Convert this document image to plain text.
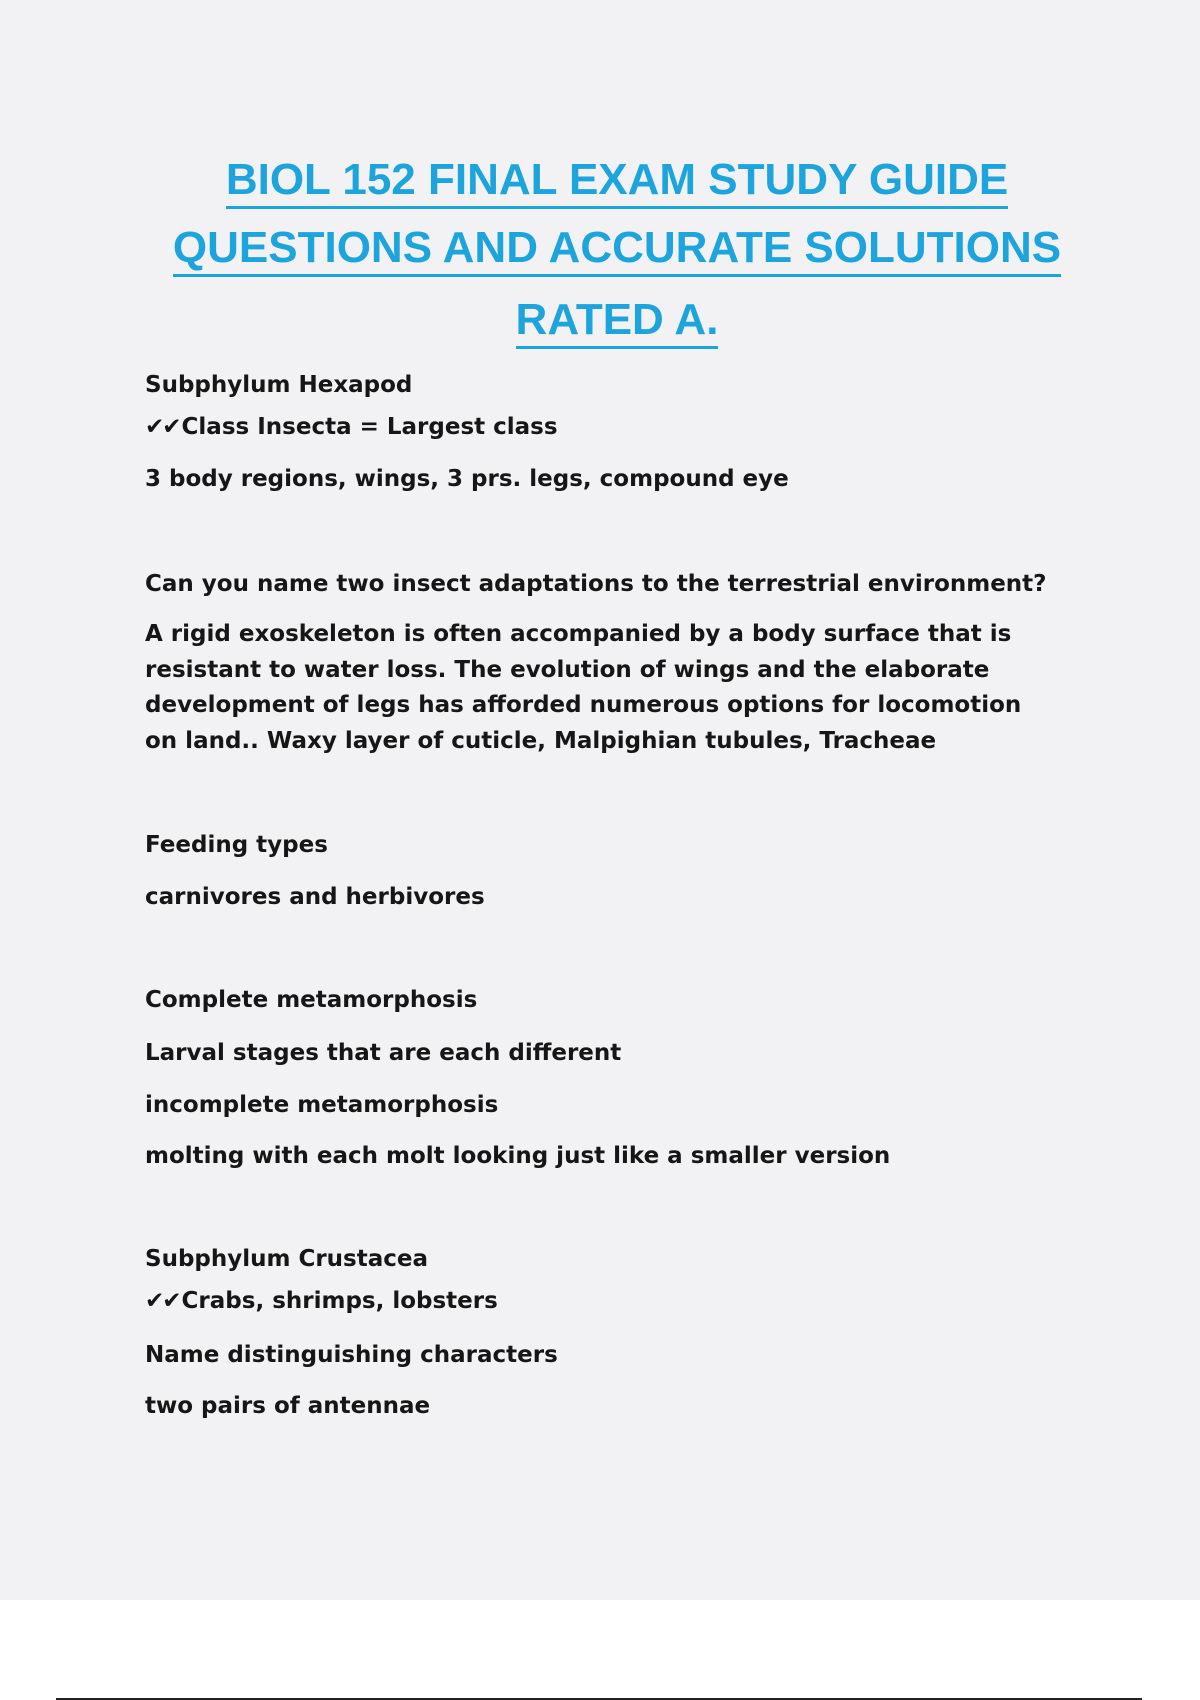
BIOL 152 FINAL EXAM STUDY GUIDE
QUESTIONS AND ACCURATE SOLUTIONS
RATED A.

Subphylum Hexapod

✔✔Class Insecta = Largest class

3 body regions, wings, 3 prs. legs, compound eye

Can you name two insect adaptations to the terrestrial environment?

A rigid exoskeleton is often accompanied by a body surface that is resistant to water loss. The evolution of wings and the elaborate development of legs has afforded numerous options for locomotion on land.. Waxy layer of cuticle, Malpighian tubules, Tracheae

Feeding types

carnivores and herbivores

Complete metamorphosis

Larval stages that are each different

incomplete metamorphosis

molting with each molt looking just like a smaller version

Subphylum Crustacea

✔✔Crabs, shrimps, lobsters

Name distinguishing characters

two pairs of antennae
